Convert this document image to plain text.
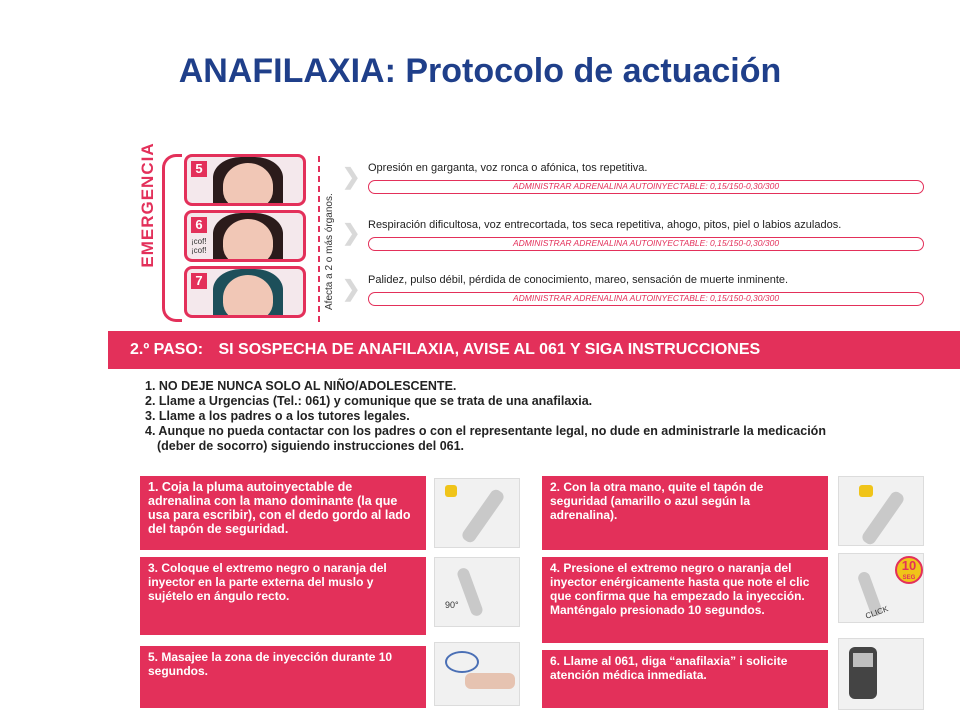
ANAFILAXIA: Protocolo de actuación
EMERGENCIA	5
6
¡cof!
¡cof!
7	Afecta a 2 o más órganos.
❯ Opresión en garganta, voz ronca o afónica, tos repetitiva.
ADMINISTRAR ADRENALINA AUTOINYECTABLE: 0,15/150-0,30/300
❯ Respiración dificultosa, voz entrecortada, tos seca repetitiva, ahogo, pitos, piel o labios azulados.
ADMINISTRAR ADRENALINA AUTOINYECTABLE: 0,15/150-0,30/300
❯ Palidez, pulso débil, pérdida de conocimiento, mareo, sensación de muerte inminente.
ADMINISTRAR ADRENALINA AUTOINYECTABLE: 0,15/150-0,30/300
2.º PASO: SI SOSPECHA DE ANAFILAXIA, AVISE AL 061 Y SIGA INSTRUCCIONES
1. NO DEJE NUNCA SOLO AL NIÑO/ADOLESCENTE.
2. Llame a Urgencias (Tel.: 061) y comunique que se trata de una anafilaxia.
3. Llame a los padres o a los tutores legales.
4. Aunque no pueda contactar con los padres o con el representante legal, no dude en administrarle la medicación
(deber de socorro) siguiendo instrucciones del 061.
1. Coja la pluma autoinyectable de adrenalina con la mano dominante (la que usa para escribir), con el dedo gordo al lado del tapón de seguridad.
2. Con la otra mano, quite el tapón de seguridad (amarillo o azul según la adrenalina).
3. Coloque el extremo negro o naranja del inyector en la parte externa del muslo y sujételo en ángulo recto.
90°
4. Presione el extremo negro o naranja del inyector enérgicamente hasta que note el clic que confirma que ha empezado la inyección. Manténgalo presionado 10 segundos.
10
SEG
CLICK
5. Masajee la zona de inyección durante 10 segundos.
6. Llame al 061, diga “anafilaxia” i solicite atención médica inmediata.
